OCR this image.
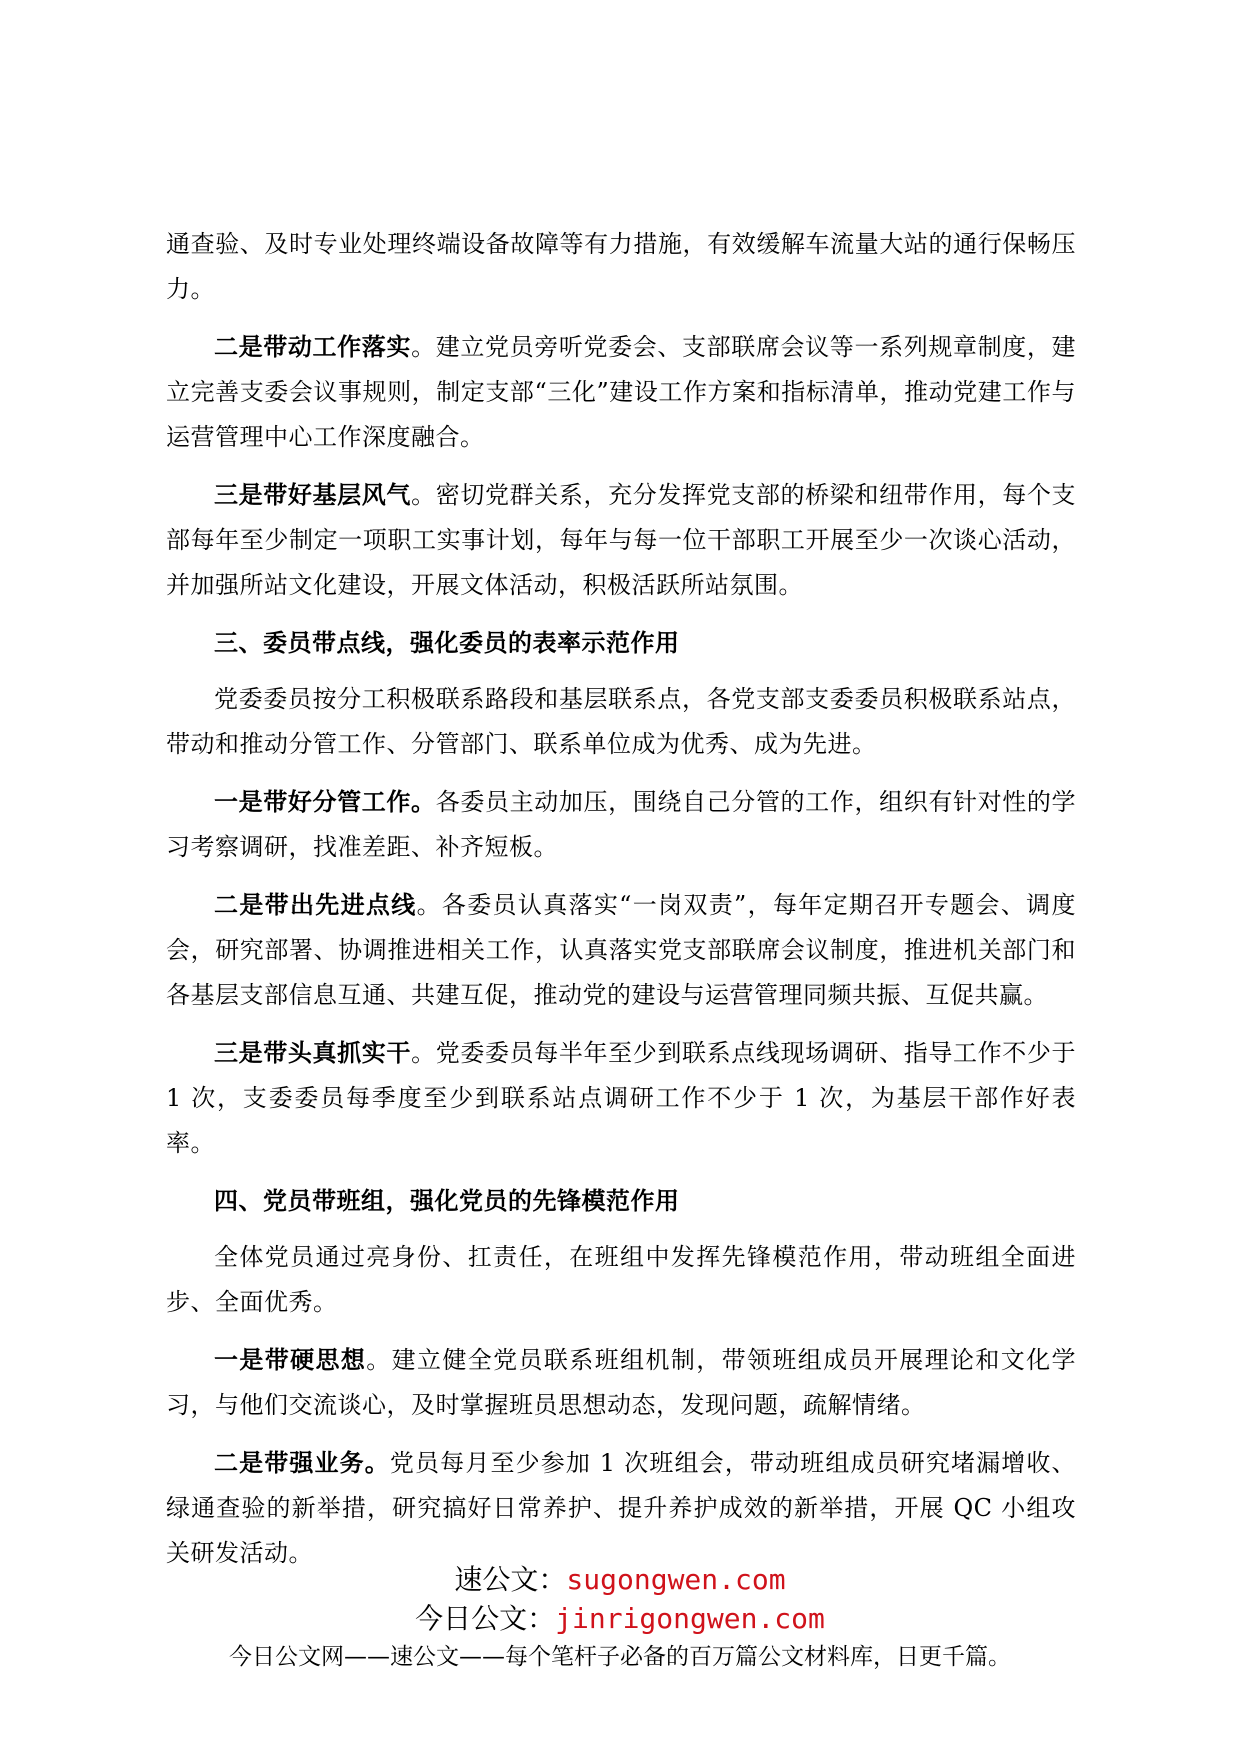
通查验、及时专业处理终端设备故障等有力措施，有效缓解车流量大站的通行保畅压力。

二是带动工作落实。建立党员旁听党委会、支部联席会议等一系列规章制度，建立完善支委会议事规则，制定支部“三化”建设工作方案和指标清单，推动党建工作与运营管理中心工作深度融合。

三是带好基层风气。密切党群关系，充分发挥党支部的桥梁和纽带作用，每个支部每年至少制定一项职工实事计划，每年与每一位干部职工开展至少一次谈心活动，并加强所站文化建设，开展文体活动，积极活跃所站氛围。

三、委员带点线，强化委员的表率示范作用

党委委员按分工积极联系路段和基层联系点，各党支部支委委员积极联系站点，带动和推动分管工作、分管部门、联系单位成为优秀、成为先进。

一是带好分管工作。各委员主动加压，围绕自己分管的工作，组织有针对性的学习考察调研，找准差距、补齐短板。

二是带出先进点线。各委员认真落实“一岗双责”，每年定期召开专题会、调度会，研究部署、协调推进相关工作，认真落实党支部联席会议制度，推进机关部门和各基层支部信息互通、共建互促，推动党的建设与运营管理同频共振、互促共赢。

三是带头真抓实干。党委委员每半年至少到联系点线现场调研、指导工作不少于 1 次，支委委员每季度至少到联系站点调研工作不少于 1 次，为基层干部作好表率。

四、党员带班组，强化党员的先锋模范作用

全体党员通过亮身份、扛责任，在班组中发挥先锋模范作用，带动班组全面进步、全面优秀。

一是带硬思想。建立健全党员联系班组机制，带领班组成员开展理论和文化学习，与他们交流谈心，及时掌握班员思想动态，发现问题，疏解情绪。

二是带强业务。党员每月至少参加 1 次班组会，带动班组成员研究堵漏增收、绿通查验的新举措，研究搞好日常养护、提升养护成效的新举措，开展 QC 小组攻关研发活动。

速公文：sugongwen.com
今日公文：jinrigongwen.com
今日公文网——速公文——每个笔杆子必备的百万篇公文材料库，日更千篇。
